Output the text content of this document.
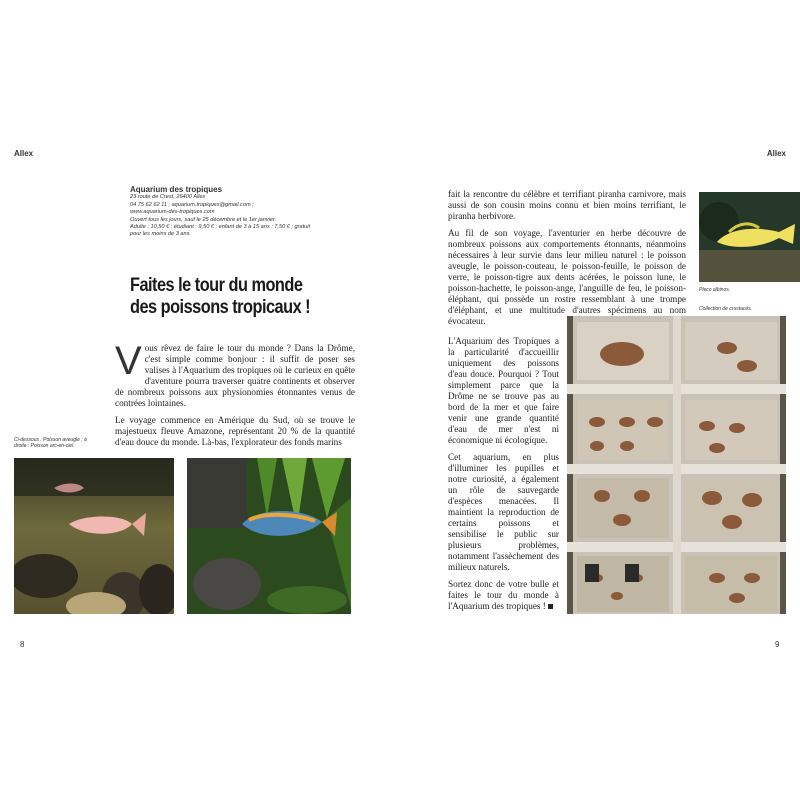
Allex	Allex
Aquarium des tropiques
23 route de Crest, 26400 Allex
04 75 62 62 11 ; aquarium.tropiques@gmail.com ;
www.aquarium-des-tropiques.com
Ouvert tous les jours, sauf le 25 décembre et le 1er janvier.
Adulte : 10,50 € ; étudiant : 9,50 € ; enfant de 3 à 15 ans : 7,50 € ; gratuit
pour les moins de 3 ans.
Faites le tour du monde des poissons tropicaux !

Vous rêvez de faire le tour du monde ? Dans la Drôme, c'est simple comme bonjour : il suffit de poser ses valises à l'Aquarium des tropiques où le curieux en quête d'aventure pourra traverser quatre continents et observer de nombreux poissons aux physionomies étonnantes venus de contrées lointaines.

Le voyage commence en Amérique du Sud, où se trouve le majestueux fleuve Amazone, représentant 20 % de la quantité d'eau douce du monde. Là-bas, l'explorateur des fonds marins

Ci-dessous : Poisson aveugle ; à droite : Poisson arc-en-ciel.

fait la rencontre du célèbre et terrifiant piranha carnivore, mais aussi de son cousin moins connu et bien moins terrifiant, le piranha herbivore.

Au fil de son voyage, l'aventurier en herbe découvre de nombreux poissons aux comportements étonnants, néanmoins nécessaires à leur survie dans leur milieu naturel : le poisson aveugle, le poisson-couteau, le poisson-feuille, le poisson de verre, le poisson-tigre aux dents acérées, le poisson lune, le poisson-hachette, le poisson-ange, l'anguille de feu, le poisson-éléphant, qui possède un rostre ressemblant à une trompe d'éléphant, et une multitude d'autres spécimens au nom évocateur.

Pleco albinos.
Collection de crustacés.

L'Aquarium des Tropiques a la particularité d'accueillir uniquement des poissons d'eau douce. Pourquoi ? Tout simplement parce que la Drôme ne se trouve pas au bord de la mer et que faire venir une grande quantité d'eau de mer n'est ni économique ni écologique.

Cet aquarium, en plus d'illuminer les pupilles et notre curiosité, a également un rôle de sauvegarde d'espèces menacées. Il maintient la reproduction de certains poissons et sensibilise le public sur plusieurs problèmes, notamment l'assèchement des milieux naturels.

Sortez donc de votre bulle et faites le tour du monde à l'Aquarium des tropiques !

8	9
